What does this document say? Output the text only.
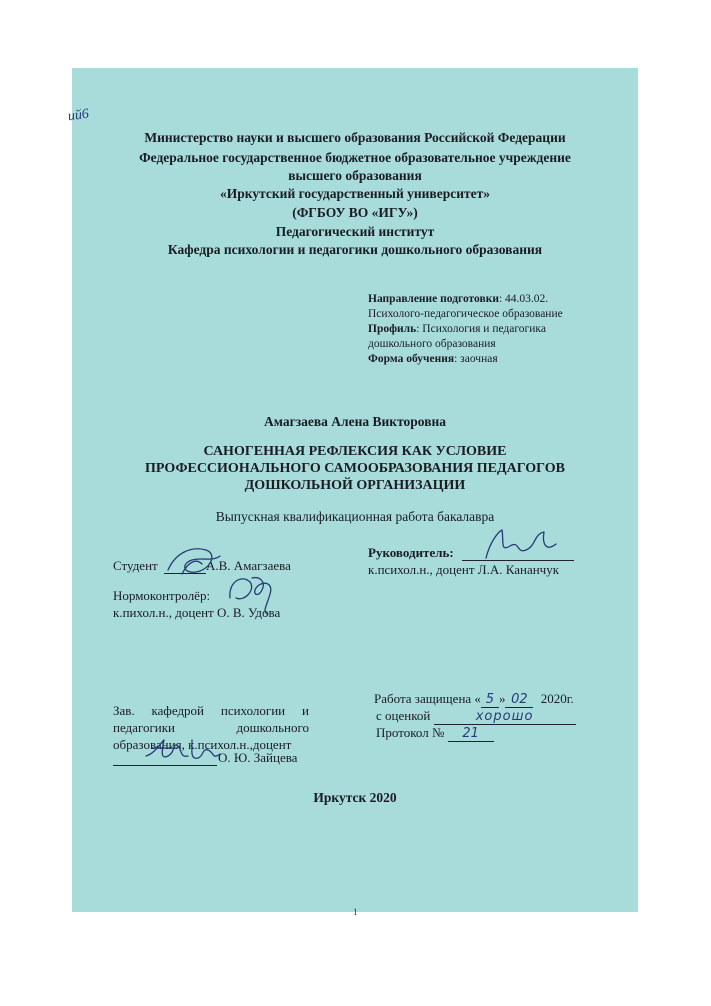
ий6
Министерство науки и высшего образования Российской Федерации
Федеральное государственное бюджетное образовательное учреждение
высшего образования
«Иркутский государственный университет»
(ФГБОУ ВО «ИГУ»)
Педагогический институт
Кафедра психологии и педагогики дошкольного образования
Направление подготовки: 44.03.02.
Психолого-педагогическое образование
Профиль: Психология и педагогика
дошкольного образования
Форма обучения: заочная
Амагзаева Алена Викторовна
САНОГЕННАЯ РЕФЛЕКСИЯ КАК УСЛОВИЕ
ПРОФЕССИОНАЛЬНОГО САМООБРАЗОВАНИЯ ПЕДАГОГОВ
ДОШКОЛЬНОЙ ОРГАНИЗАЦИИ
Выпускная квалификационная работа бакалавра
Студент	А.В. Амагзаева
Руководитель:
к.психол.н., доцент Л.А. Кананчук
Нормоконтролёр:
к.пихол.н., доцент О. В. Удова
Зав. кафедрой психологии и
педагогики	дошкольного
образования, к.психол.н.,доцент
О. Ю. Зайцева
Работа защищена « 5 » 02 2020г.
с оценкой	хорошо
Протокол № 21
Иркутск 2020
1
